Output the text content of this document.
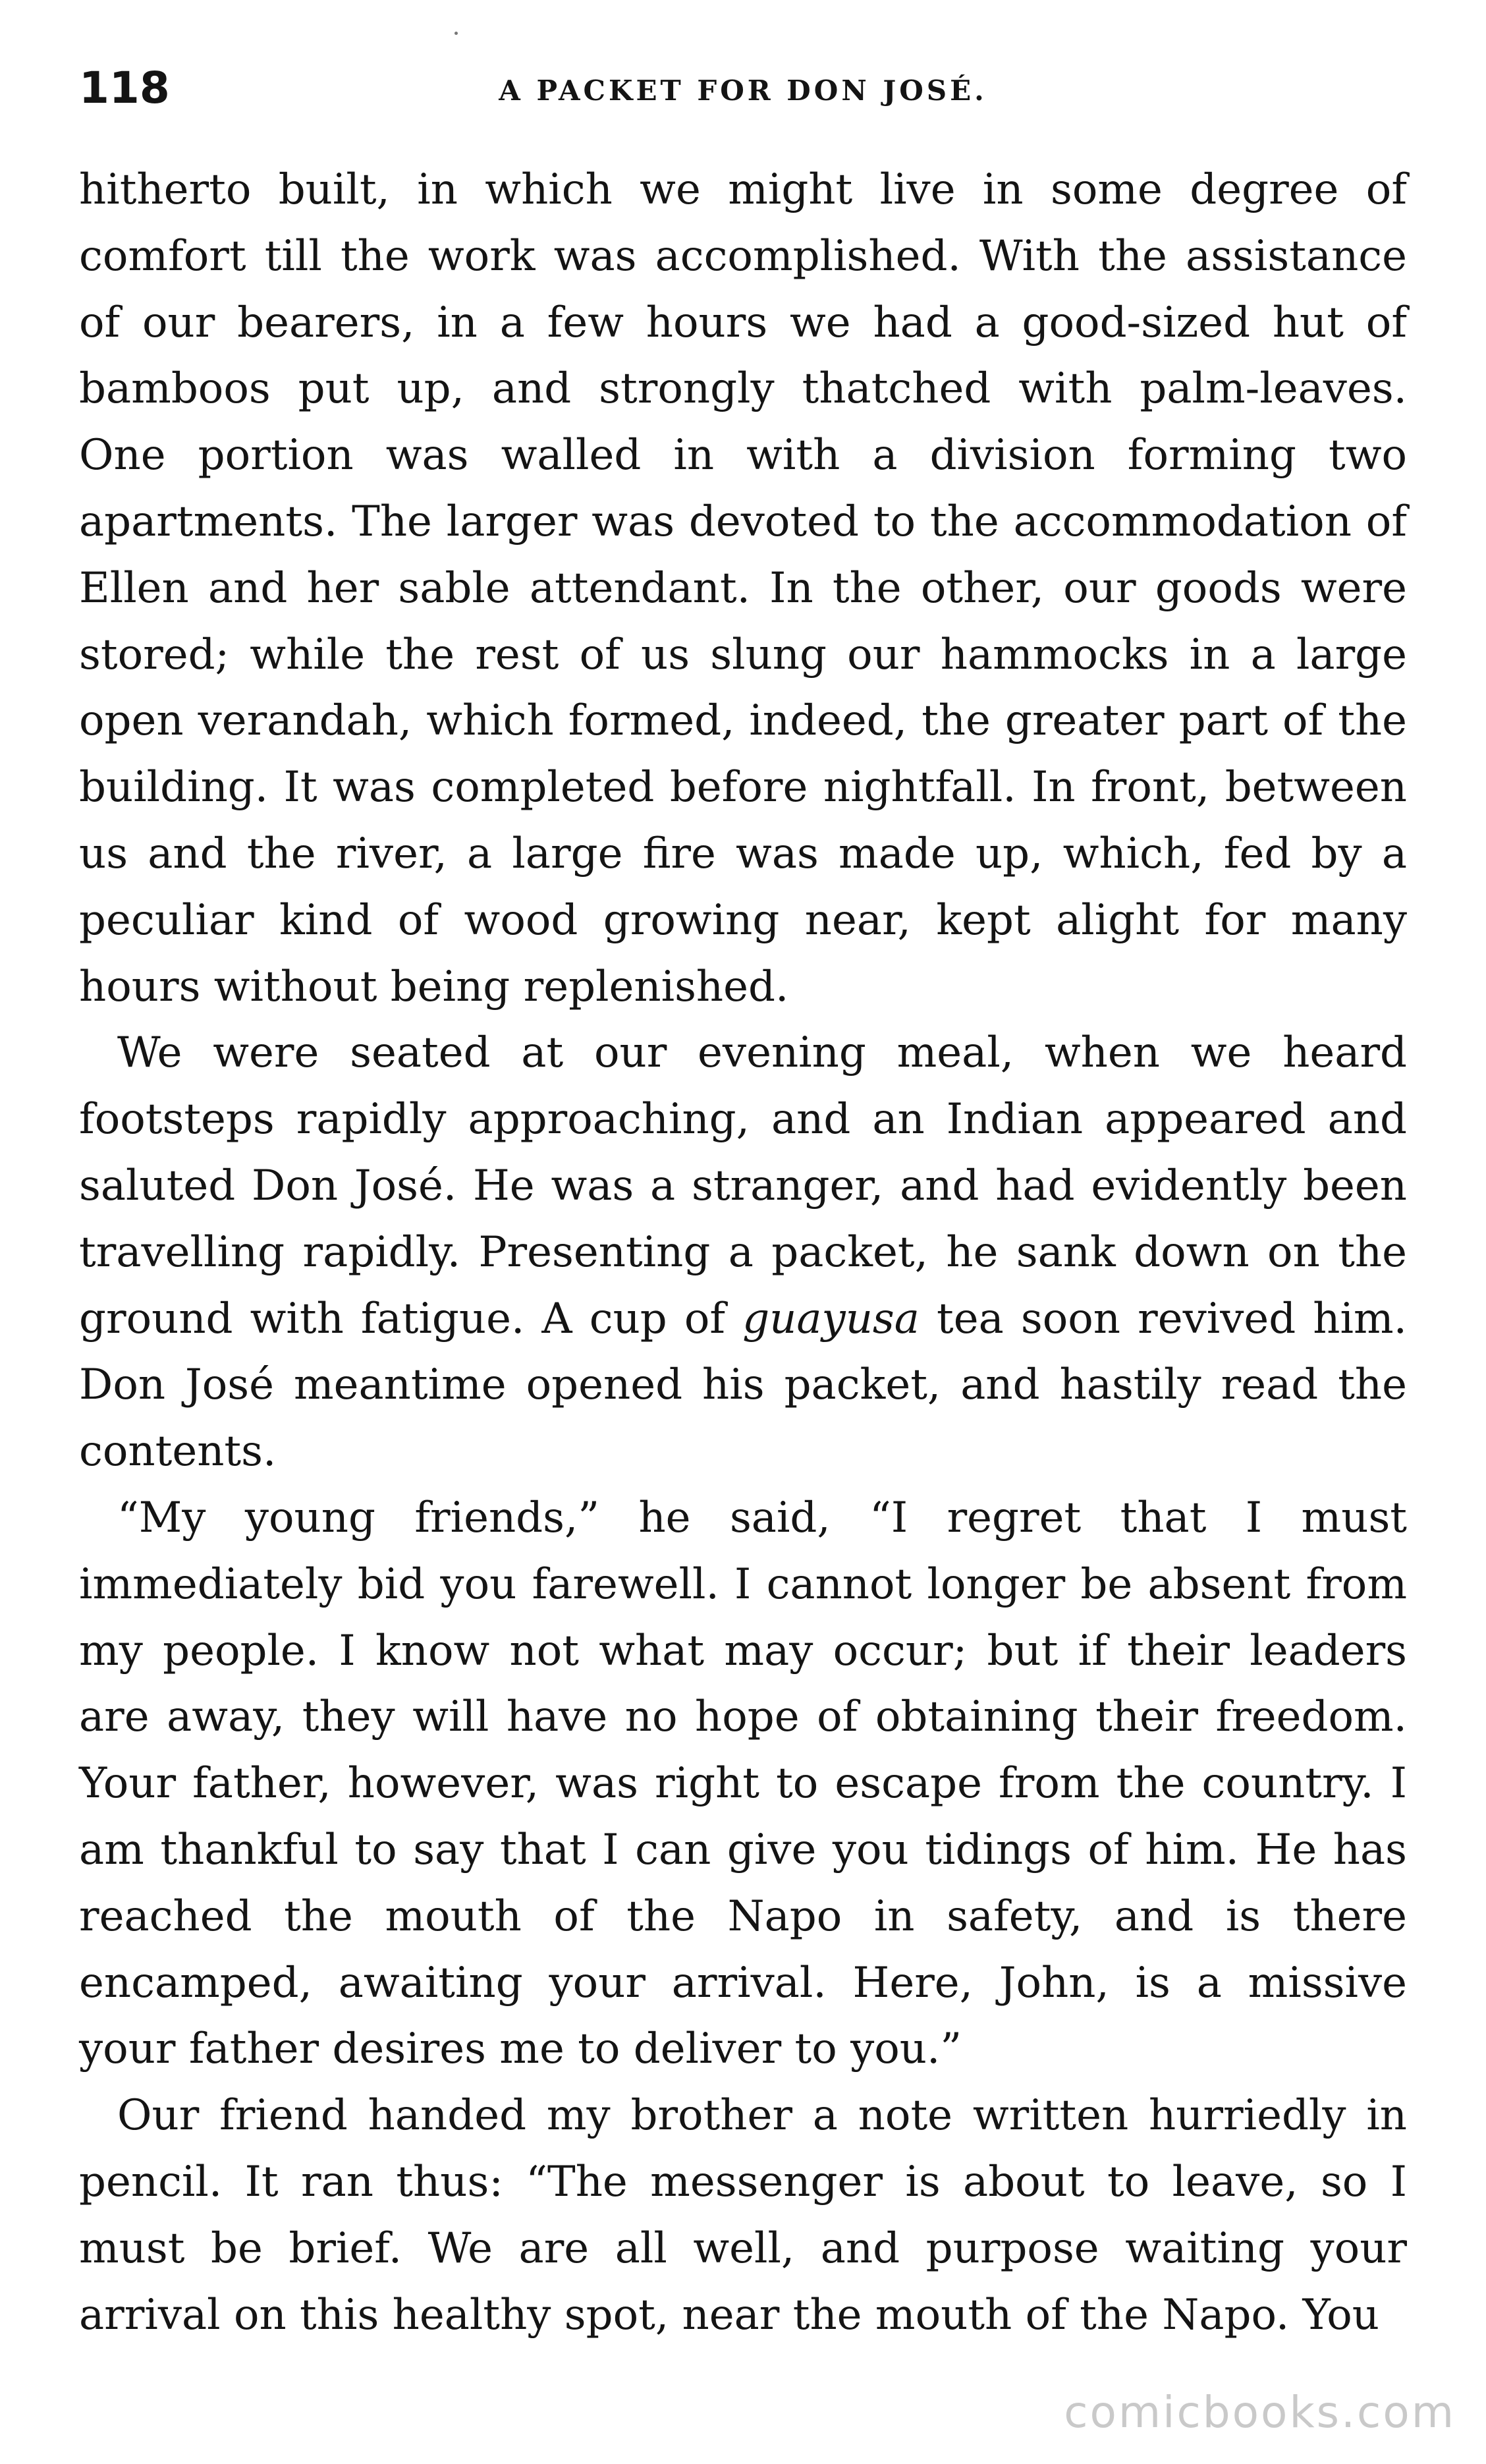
118	A PACKET FOR DON JOSÉ.

hitherto built, in which we might live in some degree of comfort till the work was accomplished. With the assistance of our bearers, in a few hours we had a good-sized hut of bamboos put up, and strongly thatched with palm-leaves. One portion was walled in with a division forming two apartments. The larger was devoted to the accommodation of Ellen and her sable attendant. In the other, our goods were stored; while the rest of us slung our hammocks in a large open verandah, which formed, indeed, the greater part of the building. It was completed before nightfall. In front, between us and the river, a large fire was made up, which, fed by a peculiar kind of wood growing near, kept alight for many hours without being replenished.

We were seated at our evening meal, when we heard footsteps rapidly approaching, and an Indian appeared and saluted Don José. He was a stranger, and had evidently been travelling rapidly. Presenting a packet, he sank down on the ground with fatigue. A cup of guayusa tea soon revived him. Don José meantime opened his packet, and hastily read the contents.

“My young friends,” he said, “I regret that I must immediately bid you farewell. I cannot longer be absent from my people. I know not what may occur; but if their leaders are away, they will have no hope of obtaining their freedom. Your father, however, was right to escape from the country. I am thankful to say that I can give you tidings of him. He has reached the mouth of the Napo in safety, and is there encamped, awaiting your arrival. Here, John, is a missive your father desires me to deliver to you.”

Our friend handed my brother a note written hurriedly in pencil. It ran thus: “The messenger is about to leave, so I must be brief. We are all well, and purpose waiting your arrival on this healthy spot, near the mouth of the Napo. You

comicbooks.com
